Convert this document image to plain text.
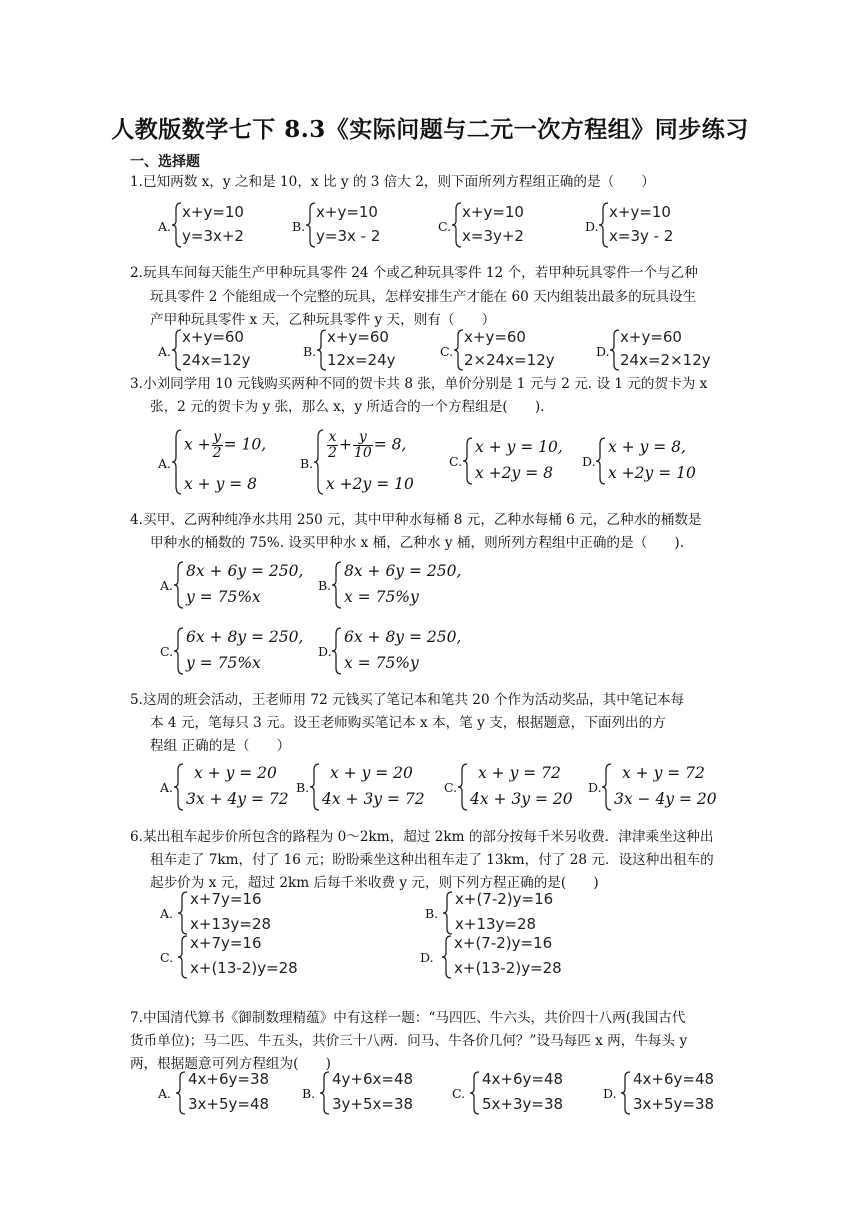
人教版数学七下 8.3《实际问题与二元一次方程组》同步练习
一、选择题
1.已知两数 x，y 之和是 10，x 比 y 的 3 倍大 2，则下面所列方程组正确的是（　　）
A.
x+y=10
y=3x+2
B.
x+y=10
y=3x - 2
C.
x+y=10
x=3y+2
D.
x+y=10
x=3y - 2
2.玩具车间每天能生产甲种玩具零件 24 个或乙种玩具零件 12 个，若甲种玩具零件一个与乙种
玩具零件 2 个能组成一个完整的玩具，怎样安排生产才能在 60 天内组装出最多的玩具设生
产甲种玩具零件 x 天，乙种玩具零件 y 天，则有（　　）
A.
x+y=60
24x=12y	B.
x+y=60
12x=24y	C.
x+y=60
2×24x=12y	D.
x+y=60
24x=2×12y
3.小刘同学用 10 元钱购买两种不同的贺卡共 8 张，单价分别是 1 元与 2 元. 设 1 元的贺卡为 x
张，2 元的贺卡为 y 张，那么 x，y 所适合的一个方程组是(　　).
A.
$x + \frac{y}{2} = 10$,
x + y = 8
B.
$\frac{x}{2} + \frac{y}{10} = 8$,
x +2y = 10
C.
x + y = 10,
x +2y = 8
D.
x + y = 8,
x +2y = 10
4.买甲、乙两种纯净水共用 250 元，其中甲种水每桶 8 元，乙种水每桶 6 元，乙种水的桶数是
甲种水的桶数的 75%. 设买甲种水 x 桶，乙种水 y 桶，则所列方程组中正确的是（　　).
A.
8x + 6y = 250,
y = 75%x
B.
8x + 6y = 250,
x = 75%y
C.
6x + 8y = 250,
y = 75%x
D.
6x + 8y = 250,
x = 75%y
5.这周的班会活动，王老师用 72 元钱买了笔记本和笔共 20 个作为活动奖品，其中笔记本每
本 4 元，笔每只 3 元。设王老师购买笔记本 x 本，笔 y 支，根据题意，下面列出的方
程组 正确的是（　　）
A.
x + y = 20
3x + 4y = 72
B.
x + y = 20
4x + 3y = 72
C.
x + y = 72
4x + 3y = 20
D.
x + y = 72
3x − 4y = 20
6.某出租车起步价所包含的路程为 0～2km，超过 2km 的部分按每千米另收费．津津乘坐这种出
租车走了 7km，付了 16 元；盼盼乘坐这种出租车走了 13km，付了 28 元．设这种出租车的
起步价为 x 元，超过 2km 后每千米收费 y 元，则下列方程正确的是(　　)
A.
x+7y=16
x+13y=28
B.
x+(7-2)y=16
x+13y=28
C.
x+7y=16
x+(13-2)y=28
D.
x+(7-2)y=16
x+(13-2)y=28
7.中国清代算书《御制数理精蕴》中有这样一题：“马四匹、牛六头，共价四十八两(我国古代
货币单位)；马二匹、牛五头，共价三十八两．问马、牛各价几何？”设马每匹 x 两，牛每头 y
两，根据题意可列方程组为(　　)
A.
4x+6y=38
3x+5y=48
B.
4y+6x=48
3y+5x=38
C.
4x+6y=48
5x+3y=38
D.
4x+6y=48
3x+5y=38
